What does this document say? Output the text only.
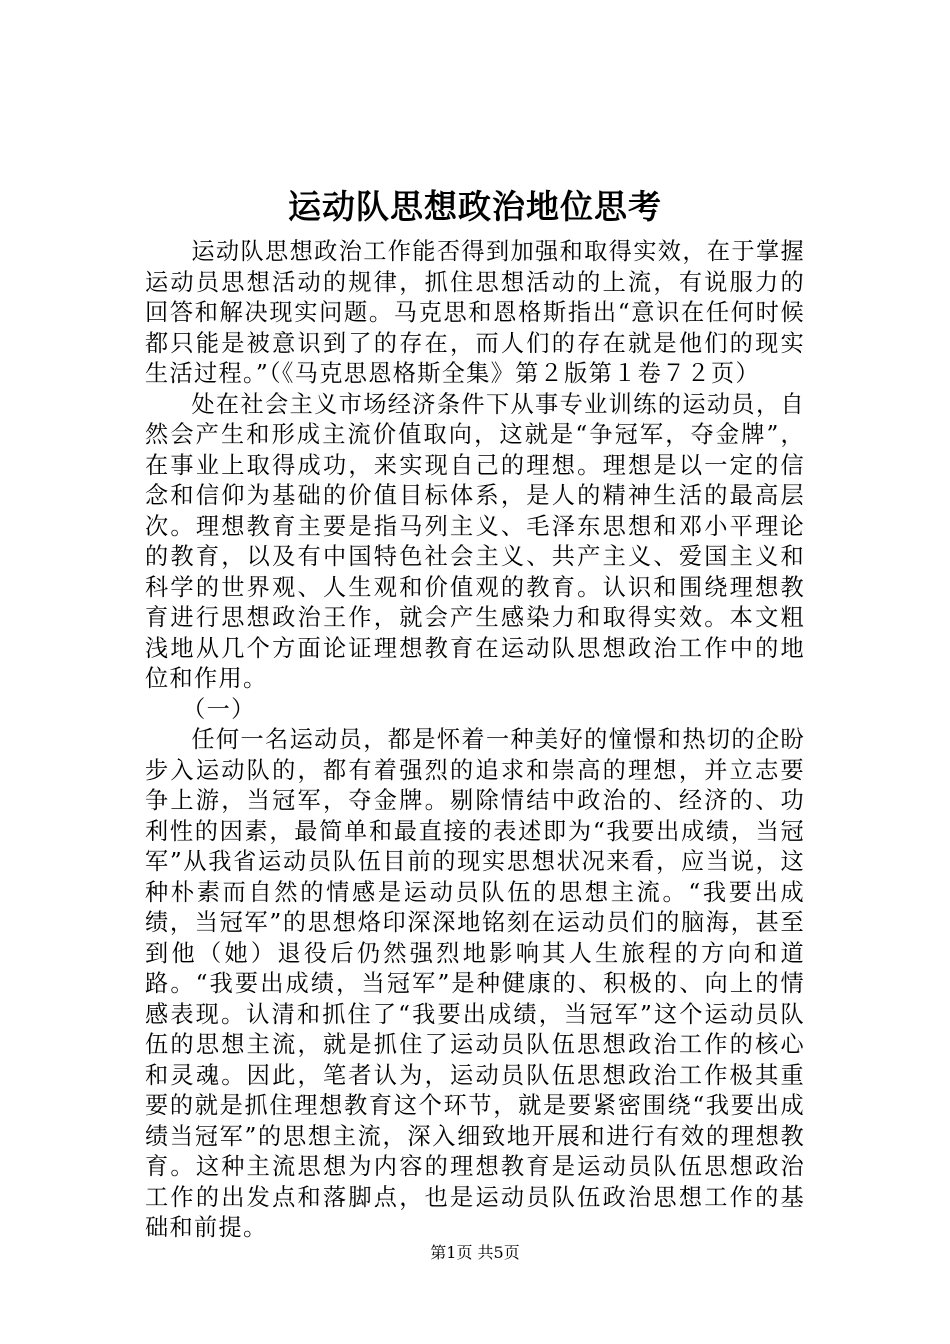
运动队思想政治地位思考

运动队思想政治工作能否得到加强和取得实效，在于掌握运动员思想活动的规律，抓住思想活动的上流，有说服力的回答和解决现实问题。马克思和恩格斯指出“意识在任何时候都只能是被意识到了的存在，而人们的存在就是他们的现实生活过程。”（《马克思恩格斯全集》第２版第１卷７２页）

处在社会主义市场经济条件下从事专业训练的运动员，自然会产生和形成主流价值取向，这就是“争冠军，夺金牌”，在事业上取得成功，来实现自己的理想。理想是以一定的信念和信仰为基础的价值目标体系，是人的精神生活的最高层次。理想教育主要是指马列主义、毛泽东思想和邓小平理论的教育，以及有中国特色社会主义、共产主义、爱国主义和科学的世界观、人生观和价值观的教育。认识和围绕理想教育进行思想政治王作，就会产生感染力和取得实效。本文粗浅地从几个方面论证理想教育在运动队思想政治工作中的地位和作用。

（一）

任何一名运动员，都是怀着一种美好的憧憬和热切的企盼步入运动队的，都有着强烈的追求和崇高的理想，并立志要争上游，当冠军，夺金牌。剔除情结中政治的、经济的、功利性的因素，最简单和最直接的表述即为“我要出成绩，当冠军”从我省运动员队伍目前的现实思想状况来看，应当说，这种朴素而自然的情感是运动员队伍的思想主流。“我要出成绩，当冠军”的思想烙印深深地铭刻在运动员们的脑海，甚至到他（她）退役后仍然强烈地影响其人生旅程的方向和道路。“我要出成绩，当冠军”是种健康的、积极的、向上的情感表现。认清和抓住了“我要出成绩，当冠军”这个运动员队伍的思想主流，就是抓住了运动员队伍思想政治工作的核心和灵魂。因此，笔者认为，运动员队伍思想政治工作极其重要的就是抓住理想教育这个环节，就是要紧密围绕“我要出成绩当冠军”的思想主流，深入细致地开展和进行有效的理想教育。这种主流思想为内容的理想教育是运动员队伍思想政治工作的出发点和落脚点，也是运动员队伍政治思想工作的基础和前提。

第1页 共5页
